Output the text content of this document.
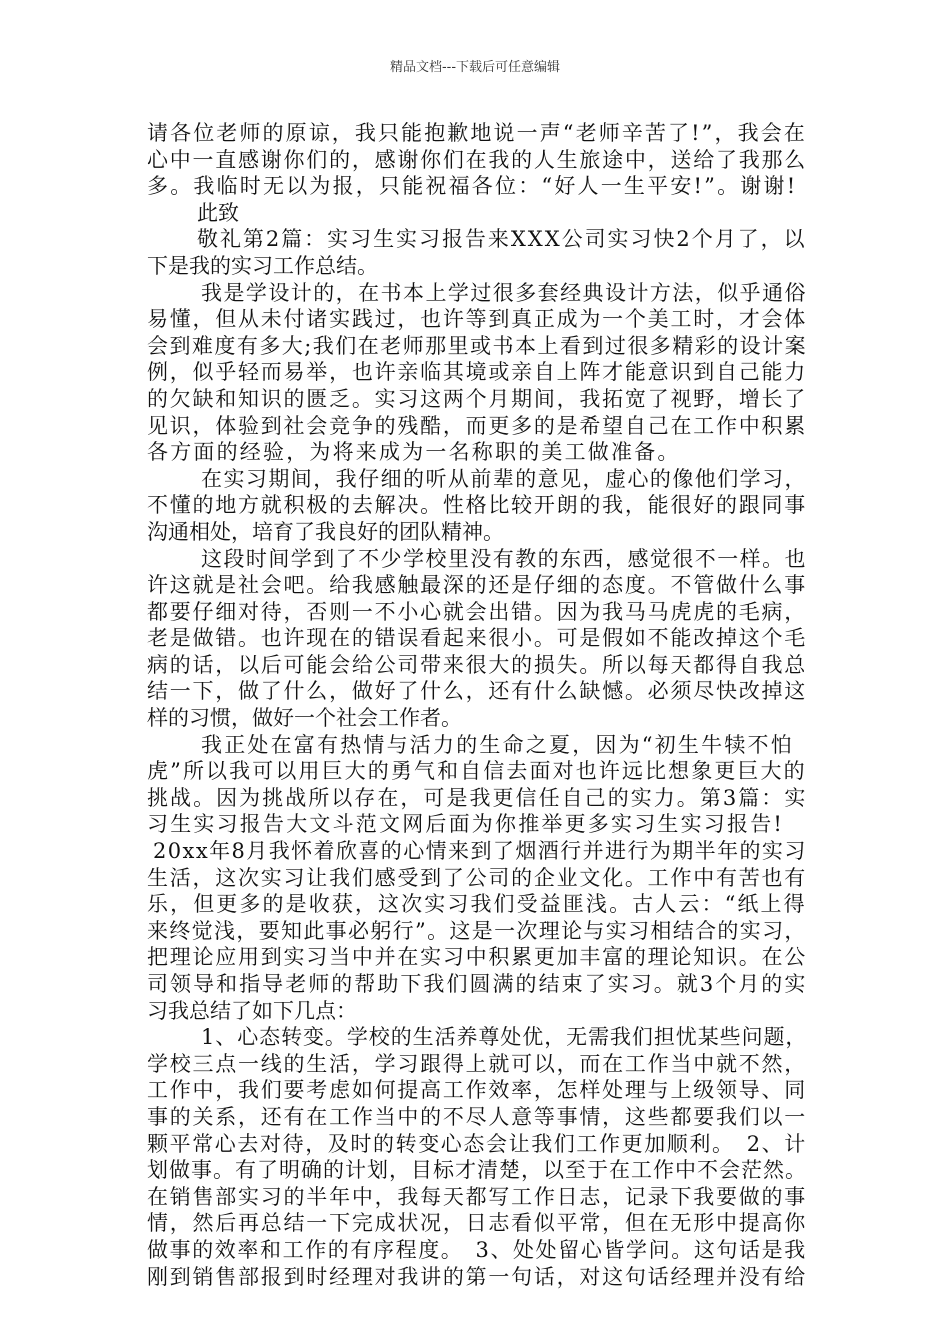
精品文档---下载后可任意编辑
请各位老师的原谅，我只能抱歉地说一声“老师辛苦了!”，我会在
心中一直感谢你们的，感谢你们在我的人生旅途中，送给了我那么
多。我临时无以为报，只能祝福各位：“好人一生平安!”。谢谢!
此致
敬礼第2篇：实习生实习报告来XXX公司实习快2个月了，以
下是我的实习工作总结。
我是学设计的，在书本上学过很多套经典设计方法，似乎通俗
易懂，但从未付诸实践过，也许等到真正成为一个美工时，才会体
会到难度有多大;我们在老师那里或书本上看到过很多精彩的设计案
例，似乎轻而易举，也许亲临其境或亲自上阵才能意识到自己能力
的欠缺和知识的匮乏。实习这两个月期间，我拓宽了视野，增长了
见识，体验到社会竞争的残酷，而更多的是希望自己在工作中积累
各方面的经验，为将来成为一名称职的美工做准备。
在实习期间，我仔细的听从前辈的意见，虚心的像他们学习，
不懂的地方就积极的去解决。性格比较开朗的我，能很好的跟同事
沟通相处，培育了我良好的团队精神。
这段时间学到了不少学校里没有教的东西，感觉很不一样。也
许这就是社会吧。给我感触最深的还是仔细的态度。不管做什么事
都要仔细对待，否则一不小心就会出错。因为我马马虎虎的毛病，
老是做错。也许现在的错误看起来很小。可是假如不能改掉这个毛
病的话，以后可能会给公司带来很大的损失。所以每天都得自我总
结一下，做了什么，做好了什么，还有什么缺憾。必须尽快改掉这
样的习惯，做好一个社会工作者。
我正处在富有热情与活力的生命之夏，因为“初生牛犊不怕
虎”所以我可以用巨大的勇气和自信去面对也许远比想象更巨大的
挑战。因为挑战所以存在，可是我更信任自己的实力。第3篇：实
习生实习报告大文斗范文网后面为你推举更多实习生实习报告!
20xx年8月我怀着欣喜的心情来到了烟酒行并进行为期半年的实习
生活，这次实习让我们感受到了公司的企业文化。工作中有苦也有
乐，但更多的是收获，这次实习我们受益匪浅。古人云：“纸上得
来终觉浅，要知此事必躬行”。这是一次理论与实习相结合的实习，
把理论应用到实习当中并在实习中积累更加丰富的理论知识。在公
司领导和指导老师的帮助下我们圆满的结束了实习。就3个月的实
习我总结了如下几点：
1、心态转变。学校的生活养尊处优，无需我们担忧某些问题，
学校三点一线的生活，学习跟得上就可以，而在工作当中就不然，
工作中，我们要考虑如何提高工作效率，怎样处理与上级领导、同
事的关系，还有在工作当中的不尽人意等事情，这些都要我们以一
颗平常心去对待，及时的转变心态会让我们工作更加顺利。　2、计
划做事。有了明确的计划，目标才清楚，以至于在工作中不会茫然。
在销售部实习的半年中，我每天都写工作日志，记录下我要做的事
情，然后再总结一下完成状况，日志看似平常，但在无形中提高你
做事的效率和工作的有序程度。　3、处处留心皆学问。这句话是我
刚到销售部报到时经理对我讲的第一句话，对这句话经理并没有给
